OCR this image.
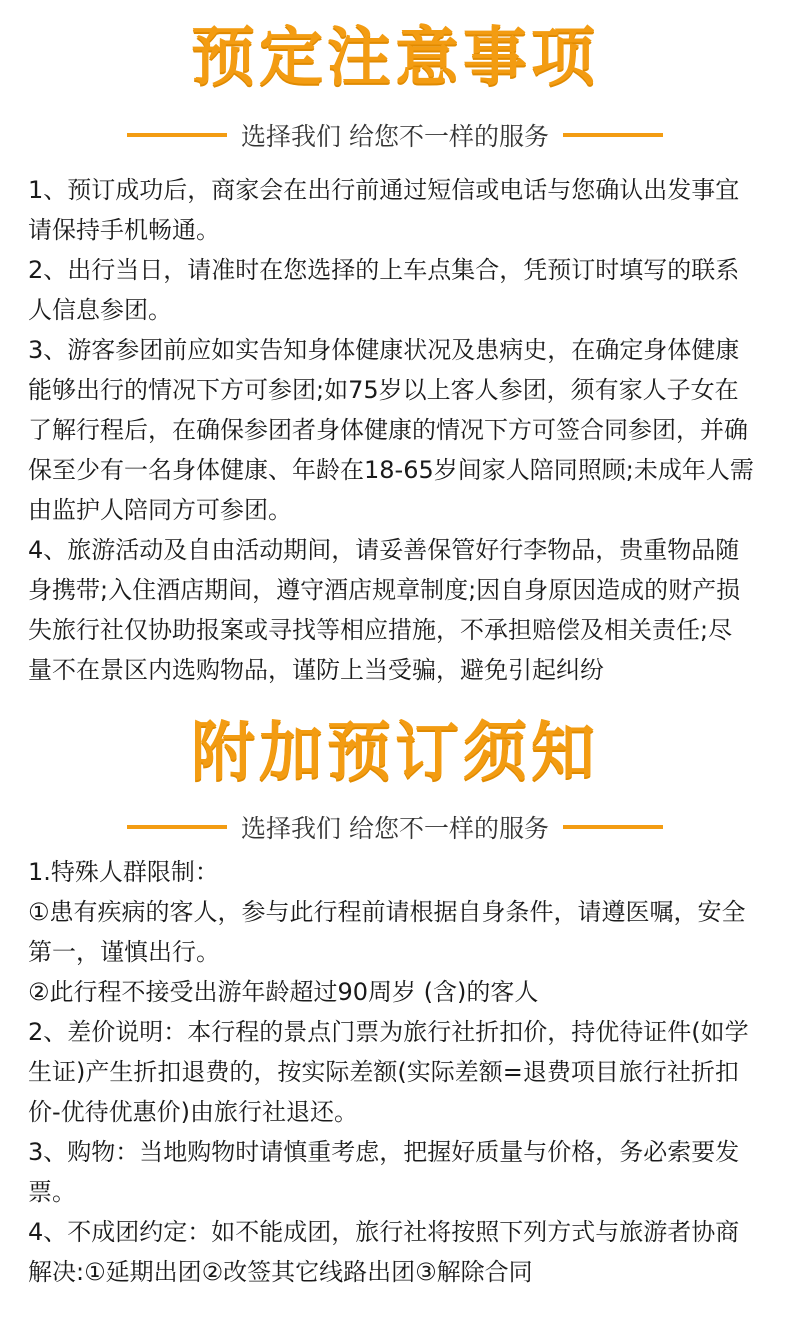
预定注意事项
选择我们 给您不一样的服务
1、预订成功后，商家会在出行前通过短信或电话与您确认出发事宜
请保持手机畅通。
2、出行当日，请准时在您选择的上车点集合，凭预订时填写的联系
人信息参团。
3、游客参团前应如实告知身体健康状况及患病史，在确定身体健康
能够出行的情况下方可参团;如75岁以上客人参团，须有家人子女在
了解行程后，在确保参团者身体健康的情况下方可签合同参团，并确
保至少有一名身体健康、年龄在18-65岁间家人陪同照顾;未成年人需
由监护人陪同方可参团。
4、旅游活动及自由活动期间，请妥善保管好行李物品，贵重物品随
身携带;入住酒店期间，遵守酒店规章制度;因自身原因造成的财产损
失旅行社仅协助报案或寻找等相应措施，不承担赔偿及相关责任;尽
量不在景区内选购物品，谨防上当受骗，避免引起纠纷
附加预订须知
选择我们 给您不一样的服务
1.特殊人群限制：
①患有疾病的客人，参与此行程前请根据自身条件，请遵医嘱，安全
第一，谨慎出行。
②此行程不接受出游年龄超过90周岁 (含)的客人
2、差价说明：本行程的景点门票为旅行社折扣价，持优待证件(如学
生证)产生折扣退费的，按实际差额(实际差额=退费项目旅行社折扣
价-优待优惠价)由旅行社退还。
3、购物：当地购物时请慎重考虑，把握好质量与价格，务必索要发
票。
4、不成团约定：如不能成团，旅行社将按照下列方式与旅游者协商
解决:①延期出团②改签其它线路出团③解除合同
